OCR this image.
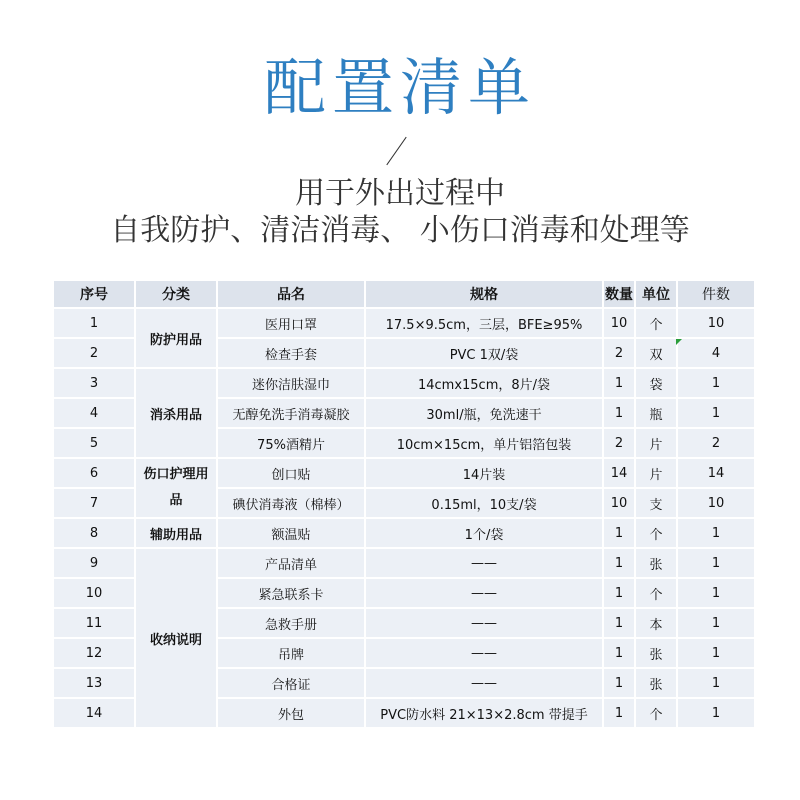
配置清单
用于外出过程中
自我防护、清洁消毒、 小伤口消毒和处理等
序号	分类	品名	规格	数量	单位	件数
1	防护用品	医用口罩	17.5×9.5cm，三层，BFE≥95%	10	个	10
2		检查手套	PVC 1双/袋	2	双	4
3	消杀用品	迷你洁肤湿巾	14cmx15cm，8片/袋	1	袋	1
4		无醇免洗手消毒凝胶	30ml/瓶，免洗速干	1	瓶	1
5		75%酒精片	10cm×15cm，单片铝箔包装	2	片	2
6	伤口护理用品	创口贴	14片装	14	片	14
7		碘伏消毒液（棉棒）	0.15ml，10支/袋	10	支	10
8	辅助用品	额温贴	1个/袋	1	个	1
9	收纳说明	产品清单	——	1	张	1
10		紧急联系卡	——	1	个	1
11		急救手册	——	1	本	1
12		吊牌	——	1	张	1
13		合格证	——	1	张	1
14		外包	PVC防水料 21×13×2.8cm 带提手	1	个	1
